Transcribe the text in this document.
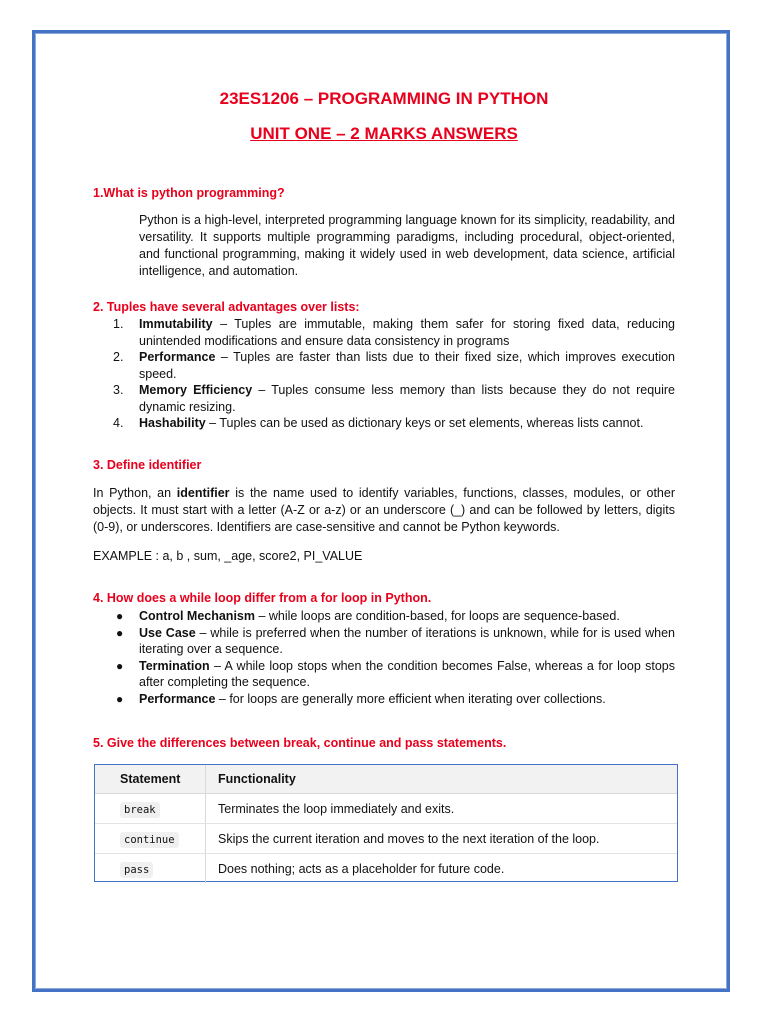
23ES1206 – PROGRAMMING IN PYTHON
UNIT ONE – 2 MARKS ANSWERS
1.What is python programming?
Python is a high-level, interpreted programming language known for its simplicity, readability, and versatility. It supports multiple programming paradigms, including procedural, object-oriented, and functional programming, making it widely used in web development, data science, artificial intelligence, and automation.
2. Tuples have several advantages over lists:
1. Immutability – Tuples are immutable, making them safer for storing fixed data, reducing unintended modifications and ensure data consistency in programs
2. Performance – Tuples are faster than lists due to their fixed size, which improves execution speed.
3. Memory Efficiency – Tuples consume less memory than lists because they do not require dynamic resizing.
4. Hashability – Tuples can be used as dictionary keys or set elements, whereas lists cannot.
3. Define identifier
In Python, an identifier is the name used to identify variables, functions, classes, modules, or other objects. It must start with a letter (A-Z or a-z) or an underscore (_) and can be followed by letters, digits (0-9), or underscores. Identifiers are case-sensitive and cannot be Python keywords.
EXAMPLE : a, b , sum, _age, score2, PI_VALUE
4. How does a while loop differ from a for loop in Python.
● Control Mechanism – while loops are condition-based, for loops are sequence-based.
● Use Case – while is preferred when the number of iterations is unknown, while for is used when iterating over a sequence.
● Termination – A while loop stops when the condition becomes False, whereas a for loop stops after completing the sequence.
● Performance – for loops are generally more efficient when iterating over collections.
5. Give the differences between break, continue and pass statements.
Statement	Functionality
break	Terminates the loop immediately and exits.
continue	Skips the current iteration and moves to the next iteration of the loop.
pass	Does nothing; acts as a placeholder for future code.
